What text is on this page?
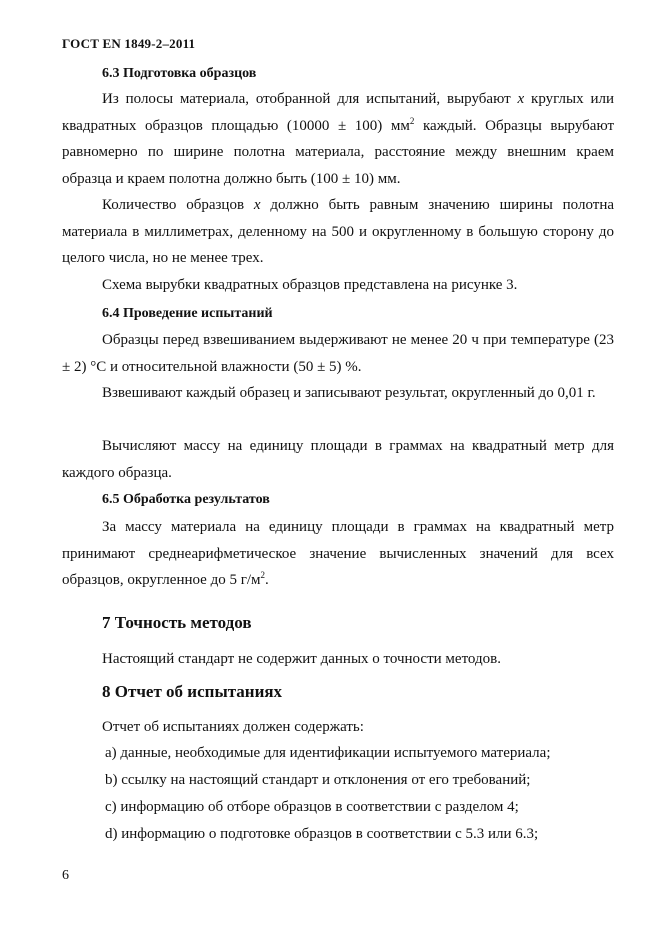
ГОСТ EN 1849-2–2011
6.3 Подготовка образцов

Из полосы материала, отобранной для испытаний, вырубают x круглых или квадратных образцов площадью (10000 ± 100) $мм^2$ каждый. Образцы вырубают равномерно по ширине полотна материала, расстояние между внешним краем образца и краем полотна должно быть (100 ± 10) мм.

Количество образцов x должно быть равным значению ширины полотна материала в миллиметрах, деленному на 500 и округленному в большую сторону до целого числа, но не менее трех.

Схема вырубки квадратных образцов представлена на рисунке 3.

6.4 Проведение испытаний

Образцы перед взвешиванием выдерживают не менее 20 ч при температуре (23 ± 2) °С и относительной влажности (50 ± 5) %.

Взвешивают каждый образец и записывают результат, округленный до 0,01 г.

Вычисляют массу на единицу площади в граммах на квадратный метр для каждого образца.

6.5 Обработка результатов

За массу материала на единицу площади в граммах на квадратный метр принимают среднеарифметическое значение вычисленных значений для всех образцов, округленное до 5 $г/м^2$.

7 Точность методов
Настоящий стандарт не содержит данных о точности методов.
8 Отчет об испытаниях
Отчет об испытаниях должен содержать:
a) данные, необходимые для идентификации испытуемого материала;
b) ссылку на настоящий стандарт и отклонения от его требований;
c) информацию об отборе образцов в соответствии с разделом 4;
d) информацию о подготовке образцов в соответствии с 5.3 или 6.3;
6
